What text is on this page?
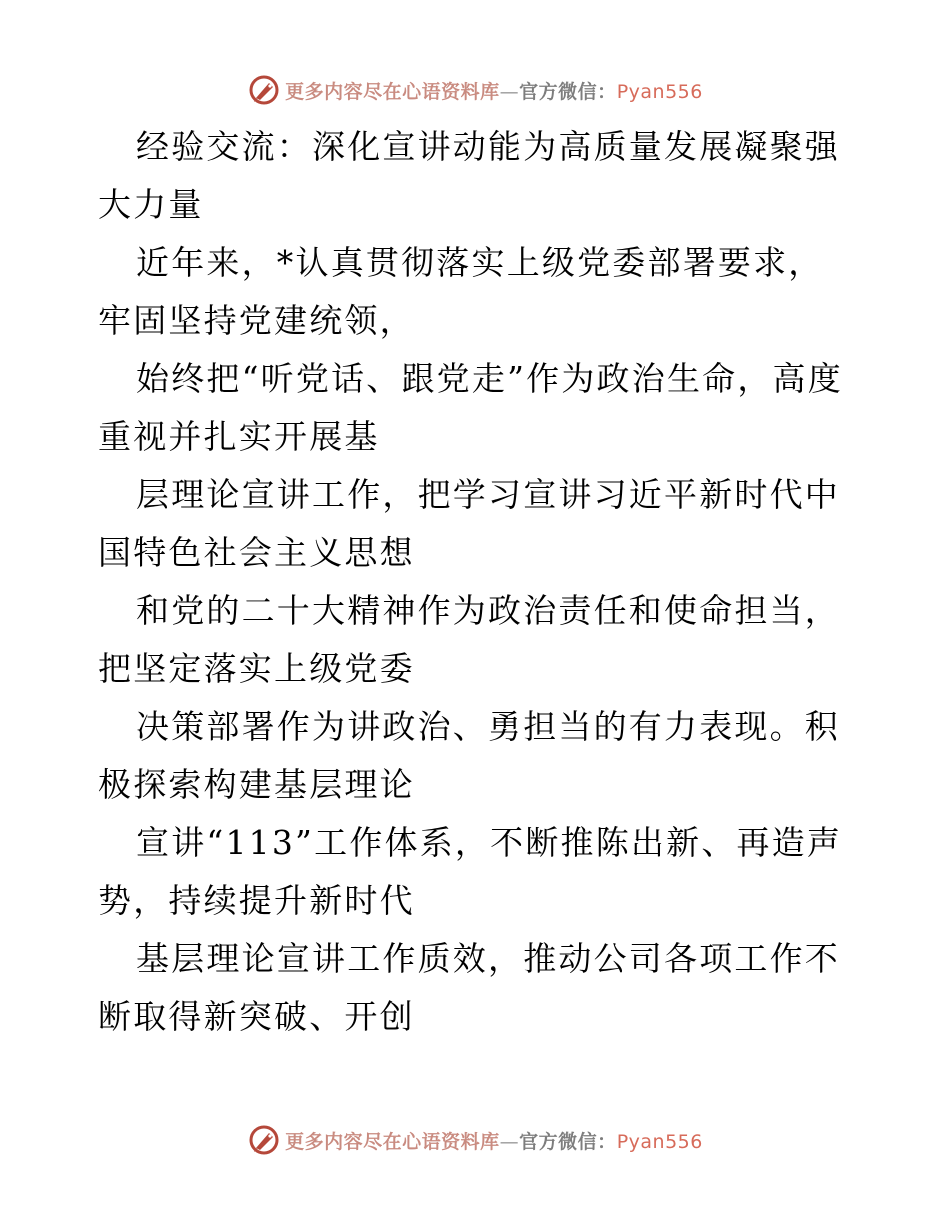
更多内容尽在心语资料库—官方微信：Pyan556

经验交流：深化宣讲动能为高质量发展凝聚强大力量

近年来，*认真贯彻落实上级党委部署要求，牢固坚持党建统领，

始终把“听党话、跟党走”作为政治生命，高度重视并扎实开展基

层理论宣讲工作，把学习宣讲习近平新时代中国特色社会主义思想

和党的二十大精神作为政治责任和使命担当，把坚定落实上级党委

决策部署作为讲政治、勇担当的有力表现。积极探索构建基层理论

宣讲“113”工作体系，不断推陈出新、再造声势，持续提升新时代

基层理论宣讲工作质效，推动公司各项工作不断取得新突破、开创

更多内容尽在心语资料库—官方微信：Pyan556
